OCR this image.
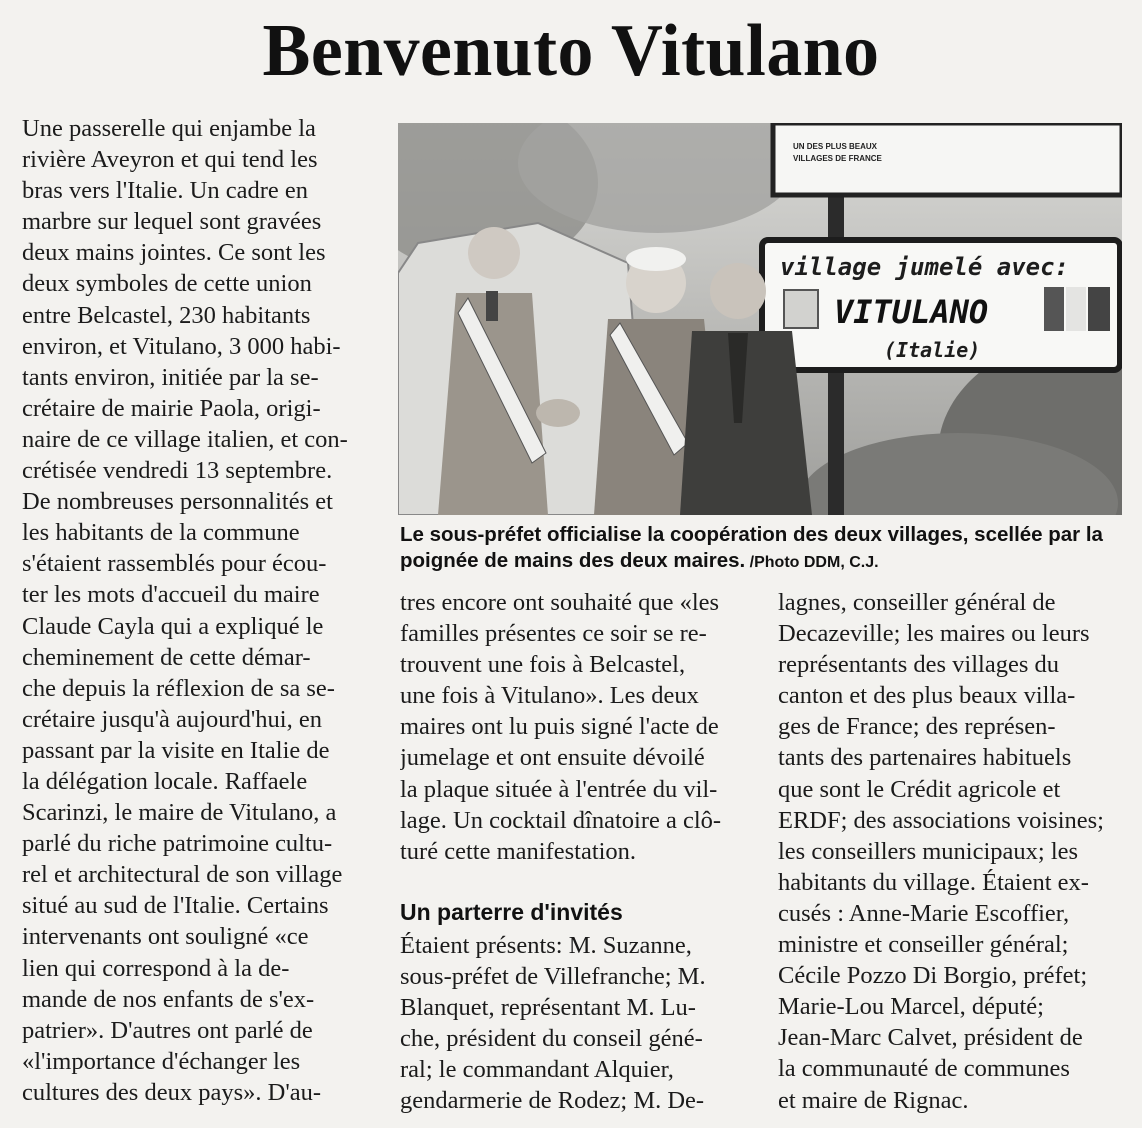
Benvenuto Vitulano
Une passerelle qui enjambe la
rivière Aveyron et qui tend les
bras vers l'Italie. Un cadre en
marbre sur lequel sont gravées
deux mains jointes. Ce sont les
deux symboles de cette union
entre Belcastel, 230 habitants
environ, et Vitulano, 3 000 habi-
tants environ, initiée par la se-
crétaire de mairie Paola, origi-
naire de ce village italien, et con-
crétisée vendredi 13 septembre.
De nombreuses personnalités et
les habitants de la commune
s'étaient rassemblés pour écou-
ter les mots d'accueil du maire
Claude Cayla qui a expliqué le
cheminement de cette démar-
che depuis la réflexion de sa se-
crétaire jusqu'à aujourd'hui, en
passant par la visite en Italie de
la délégation locale. Raffaele
Scarinzi, le maire de Vitulano, a
parlé du riche patrimoine cultu-
rel et architectural de son village
situé au sud de l'Italie. Certains
intervenants ont souligné «ce
lien qui correspond à la de-
mande de nos enfants de s'ex-
patrier». D'autres ont parlé de
«l'importance d'échanger les
cultures des deux pays». D'au-
UN DES PLUS BEAUX
VILLAGES DE FRANCE
village jumelé avec:
VITULANO
(Italie)
Le sous-préfet officialise la coopération des deux villages, scellée par la poignée de mains des deux maires. /Photo DDM, C.J.
tres encore ont souhaité que «les
familles présentes ce soir se re-
trouvent une fois à Belcastel,
une fois à Vitulano». Les deux
maires ont lu puis signé l'acte de
jumelage et ont ensuite dévoilé
la plaque située à l'entrée du vil-
lage. Un cocktail dînatoire a clô-
turé cette manifestation.
Un parterre d'invités
Étaient présents: M. Suzanne,
sous-préfet de Villefranche; M.
Blanquet, représentant M. Lu-
che, président du conseil géné-
ral; le commandant Alquier,
gendarmerie de Rodez; M. De-
lagnes, conseiller général de
Decazeville; les maires ou leurs
représentants des villages du
canton et des plus beaux villa-
ges de France; des représen-
tants des partenaires habituels
que sont le Crédit agricole et
ERDF; des associations voisines;
les conseillers municipaux; les
habitants du village. Étaient ex-
cusés : Anne-Marie Escoffier,
ministre et conseiller général;
Cécile Pozzo Di Borgio, préfet;
Marie-Lou Marcel, député;
Jean-Marc Calvet, président de
la communauté de communes
et maire de Rignac.
